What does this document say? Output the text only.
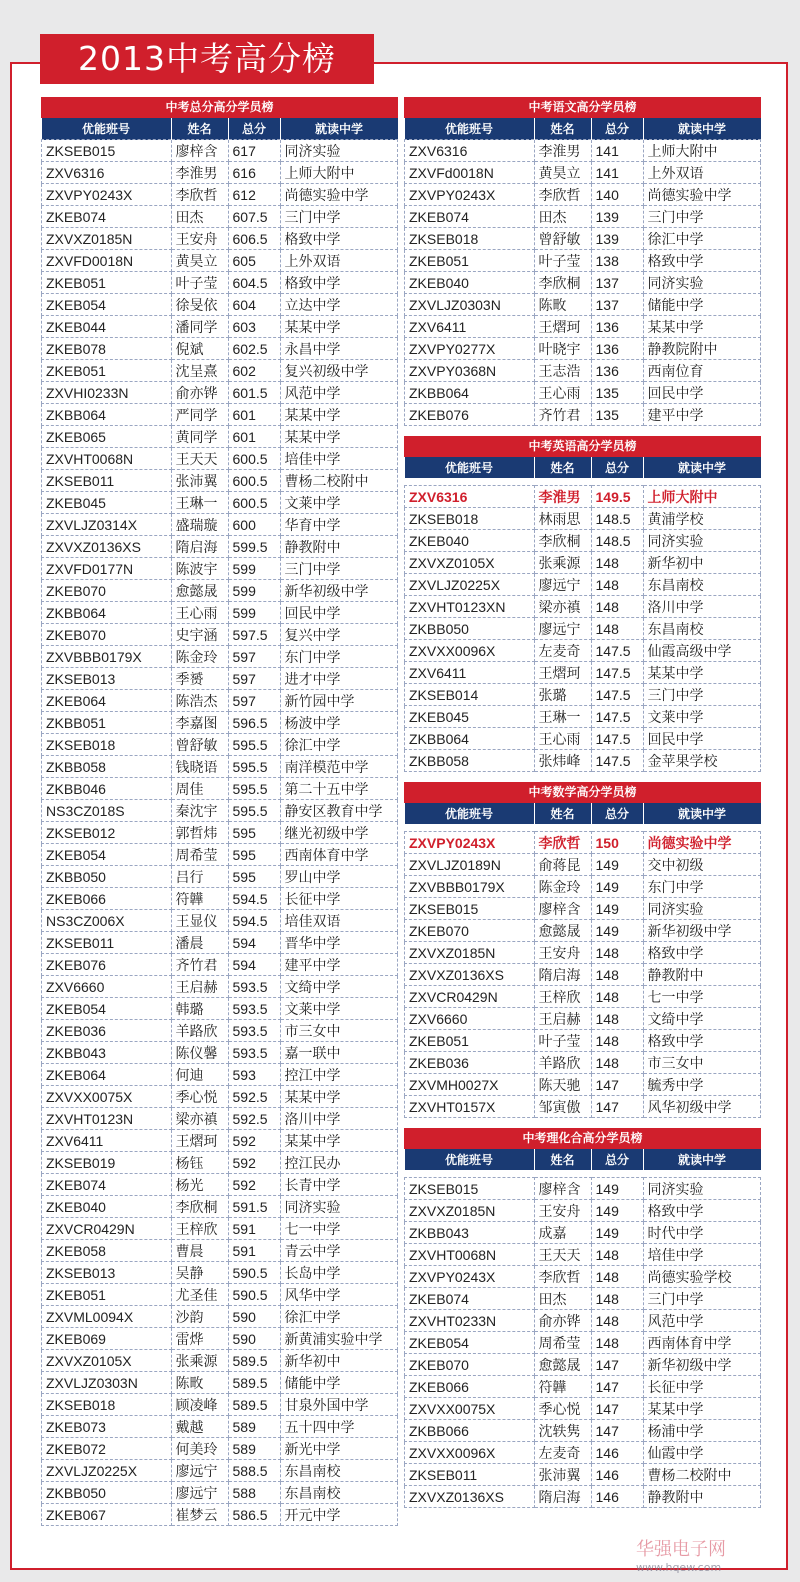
2013中考高分榜
中考总分高分学员榜
优能班号	姓名	总分	就读中学
ZKSEB015	廖梓含	617	同济实验
ZXV6316	李淮男	616	上师大附中
ZXVPY0243X	李欣哲	612	尚德实验中学
ZKEB074	田杰	607.5	三门中学
ZXVXZ0185N	王安舟	606.5	格致中学
ZXVFD0018N	黄昊立	605	上外双语
ZKEB051	叶子莹	604.5	格致中学
ZKEB054	徐旻依	604	立达中学
ZKEB044	潘同学	603	某某中学
ZKEB078	倪斌	602.5	永昌中学
ZKEB051	沈呈熹	602	复兴初级中学
ZXVHI0233N	俞亦铧	601.5	风范中学
ZKBB064	严同学	601	某某中学
ZKEB065	黄同学	601	某某中学
ZXVHT0068N	王天天	600.5	培佳中学
ZKSEB011	张沛翼	600.5	曹杨二校附中
ZKEB045	王琳一	600.5	文莱中学
ZXVLJZ0314X	盛瑞璇	600	华育中学
ZXVXZ0136XS	隋启海	599.5	静教附中
ZXVFD0177N	陈波宇	599	三门中学
ZKEB070	愈懿晟	599	新华初级中学
ZKBB064	王心雨	599	回民中学
ZKEB070	史宇涵	597.5	复兴中学
ZXVBBB0179X	陈金玲	597	东门中学
ZKSEB013	季赟	597	进才中学
ZKEB064	陈浩杰	597	新竹园中学
ZKBB051	李嘉图	596.5	杨波中学
ZKSEB018	曾舒敏	595.5	徐汇中学
ZKBB058	钱晓语	595.5	南洋模范中学
ZKBB046	周佳	595.5	第二十五中学
NS3CZ018S	秦沈宇	595.5	静安区教育中学
ZKSEB012	郭哲炜	595	继光初级中学
ZKEB054	周希莹	595	西南体育中学
ZKBB050	吕行	595	罗山中学
ZKEB066	符韡	594.5	长征中学
NS3CZ006X	王显仪	594.5	培佳双语
ZKSEB011	潘晨	594	晋华中学
ZKEB076	齐竹君	594	建平中学
ZXV6660	王启赫	593.5	文绮中学
ZKEB054	韩璐	593.5	文莱中学
ZKEB036	羊路欣	593.5	市三女中
ZKBB043	陈仪馨	593.5	嘉一联中
ZKEB064	何迪	593	控江中学
ZXVXX0075X	季心悦	592.5	某某中学
ZXVHT0123N	梁亦禛	592.5	洛川中学
ZXV6411	王熠珂	592	某某中学
ZKSEB019	杨钰	592	控江民办
ZKEB074	杨光	592	长青中学
ZKEB040	李欣桐	591.5	同济实验
ZXVCR0429N	王梓欣	591	七一中学
ZKEB058	曹晨	591	青云中学
ZKSEB013	吴静	590.5	长岛中学
ZKEB051	尤圣佳	590.5	风华中学
ZXVML0094X	沙韵	590	徐汇中学
ZKEB069	雷烨	590	新黄浦实验中学
ZXVXZ0105X	张乘源	589.5	新华初中
ZXVLJZ0303N	陈畋	589.5	储能中学
ZKSEB018	顾凌峰	589.5	甘泉外国中学
ZKEB073	戴越	589	五十四中学
ZKEB072	何美玲	589	新光中学
ZXVLJZ0225X	廖远宁	588.5	东昌南校
ZKBB050	廖远宁	588	东昌南校
ZKEB067	崔梦云	586.5	开元中学
中考语文高分学员榜
优能班号	姓名	总分	就读中学
ZXV6316	李淮男	141	上师大附中
ZXVFd0018N	黄昊立	141	上外双语
ZXVPY0243X	李欣哲	140	尚德实验中学
ZKEB074	田杰	139	三门中学
ZKSEB018	曾舒敏	139	徐汇中学
ZKEB051	叶子莹	138	格致中学
ZKEB040	李欣桐	137	同济实验
ZXVLJZ0303N	陈畋	137	储能中学
ZXV6411	王熠珂	136	某某中学
ZXVPY0277X	叶晓宇	136	静教院附中
ZXVPY0368N	王志浩	136	西南位育
ZKBB064	王心雨	135	回民中学
ZKEB076	齐竹君	135	建平中学
中考英语高分学员榜
优能班号	姓名	总分	就读中学

ZXV6316	李淮男	149.5	上师大附中
ZKSEB018	林雨思	148.5	黄浦学校
ZKEB040	李欣桐	148.5	同济实验
ZXVXZ0105X	张乘源	148	新华初中
ZXVLJZ0225X	廖远宁	148	东昌南校
ZXVHT0123XN	梁亦禛	148	洛川中学
ZKBB050	廖远宁	148	东昌南校
ZXVXX0096X	左麦奇	147.5	仙霞高级中学
ZXV6411	王熠珂	147.5	某某中学
ZKSEB014	张璐	147.5	三门中学
ZKEB045	王琳一	147.5	文莱中学
ZKBB064	王心雨	147.5	回民中学
ZKBB058	张炜峰	147.5	金苹果学校
中考数学高分学员榜
优能班号	姓名	总分	就读中学

ZXVPY0243X	李欣哲	150	尚德实验中学
ZXVLJZ0189N	俞蒋昆	149	交中初级
ZXVBBB0179X	陈金玲	149	东门中学
ZKSEB015	廖梓含	149	同济实验
ZKEB070	愈懿晟	149	新华初级中学
ZXVXZ0185N	王安舟	148	格致中学
ZXVXZ0136XS	隋启海	148	静教附中
ZXVCR0429N	王梓欣	148	七一中学
ZXV6660	王启赫	148	文绮中学
ZKEB051	叶子莹	148	格致中学
ZKEB036	羊路欣	148	市三女中
ZXVMH0027X	陈天驰	147	毓秀中学
ZXVHT0157X	邹寅傲	147	风华初级中学
中考理化合高分学员榜
优能班号	姓名	总分	就读中学

ZKSEB015	廖梓含	149	同济实验
ZXVXZ0185N	王安舟	149	格致中学
ZKBB043	成嘉	149	时代中学
ZXVHT0068N	王天天	148	培佳中学
ZXVPY0243X	李欣哲	148	尚德实验学校
ZKEB074	田杰	148	三门中学
ZXVHT0233N	俞亦铧	148	风范中学
ZKEB054	周希莹	148	西南体育中学
ZKEB070	愈懿晟	147	新华初级中学
ZKEB066	符韡	147	长征中学
ZXVXX0075X	季心悦	147	某某中学
ZKBB066	沈轶隽	147	杨浦中学
ZXVXX0096X	左麦奇	146	仙霞中学
ZKSEB011	张沛翼	146	曹杨二校附中
ZXVXZ0136XS	隋启海	146	静教附中
华强电子网
www.hqew.com
